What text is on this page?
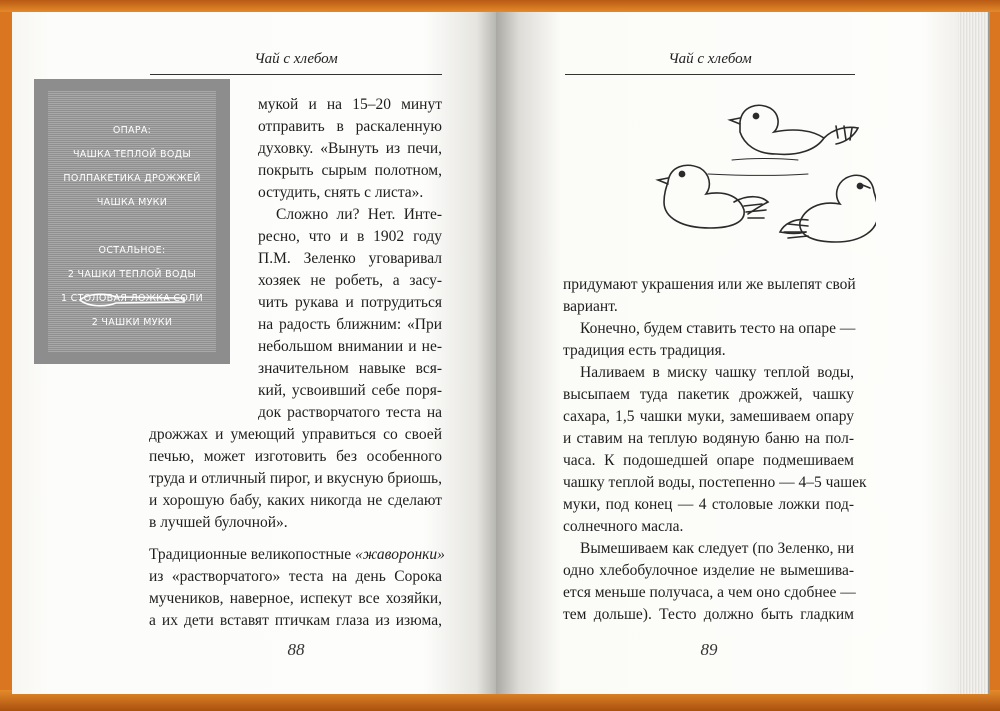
Чай с хлебом
ОПАРА:
ЧАШКА ТЕПЛОЙ ВОДЫ
ПОЛПАКЕТИКА ДРОЖЖЕЙ
ЧАШКА МУКИ
ОСТАЛЬНОЕ:
2 ЧАШКИ ТЕПЛОЙ ВОДЫ
1 СТОЛОВАЯ ЛОЖКА СОЛИ
2 ЧАШКИ МУКИ
мукой и на 15–20 минут
отправить в раскаленную
духовку. «Вынуть из печи,
покрыть сырым полотном,
остудить, снять с листа».
Сложно ли? Нет. Инте-
ресно, что и в 1902 году
П.М. Зеленко уговаривал
хозяек не робеть, а засу-
чить рукава и потрудиться
на радость ближним: «При
небольшом внимании и не-
значительном навыке вся-
кий, усвоивший себе поря-
док растворчатого теста на
дрожжах и умеющий управиться со своей
печью, может изготовить без особенного
труда и отличный пирог, и вкусную бриошь,
и хорошую бабу, каких никогда не сделают
в лучшей булочной».
Традиционные великопостные «жаворонки»
из «растворчатого» теста на день Сорока
мучеников, наверное, испекут все хозяйки,
а их дети вставят птичкам глаза из изюма,
88
Чай с хлебом
придумают украшения или же вылепят свой
вариант.
Конечно, будем ставить тесто на опаре —
традиция есть традиция.
Наливаем в миску чашку теплой воды,
высыпаем туда пакетик дрожжей, чашку
сахара, 1,5 чашки муки, замешиваем опару
и ставим на теплую водяную баню на пол-
часа. К подошедшей опаре подмешиваем
чашку теплой воды, постепенно — 4–5 чашек
муки, под конец — 4 столовые ложки под-
солнечного масла.
Вымешиваем как следует (по Зеленко, ни
одно хлебобулочное изделие не вымешива-
ется меньше получаса, а чем оно сдобнее —
тем дольше). Тесто должно быть гладким
89
